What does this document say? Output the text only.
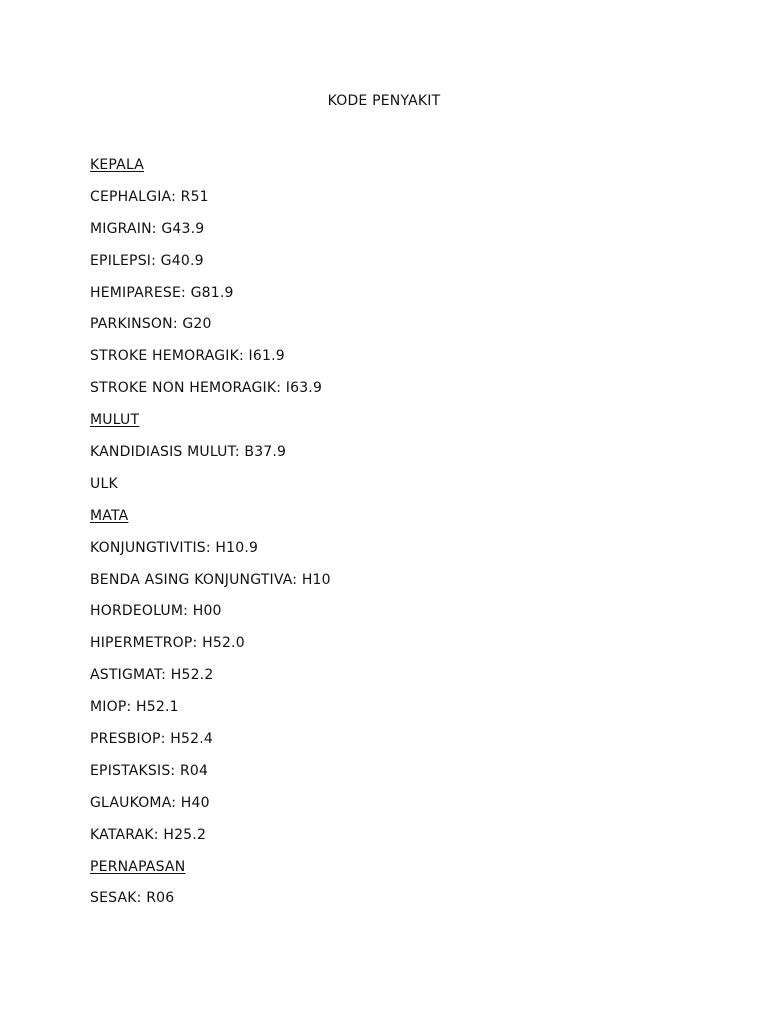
KODE PENYAKIT
KEPALA
CEPHALGIA: R51
MIGRAIN: G43.9
EPILEPSI: G40.9
HEMIPARESE: G81.9
PARKINSON: G20
STROKE HEMORAGIK: I61.9
STROKE NON HEMORAGIK: I63.9
MULUT
KANDIDIASIS MULUT: B37.9
ULK
MATA
KONJUNGTIVITIS: H10.9
BENDA ASING KONJUNGTIVA: H10
HORDEOLUM: H00
HIPERMETROP: H52.0
ASTIGMAT: H52.2
MIOP: H52.1
PRESBIOP: H52.4
EPISTAKSIS: R04
GLAUKOMA: H40
KATARAK: H25.2
PERNAPASAN
SESAK: R06
